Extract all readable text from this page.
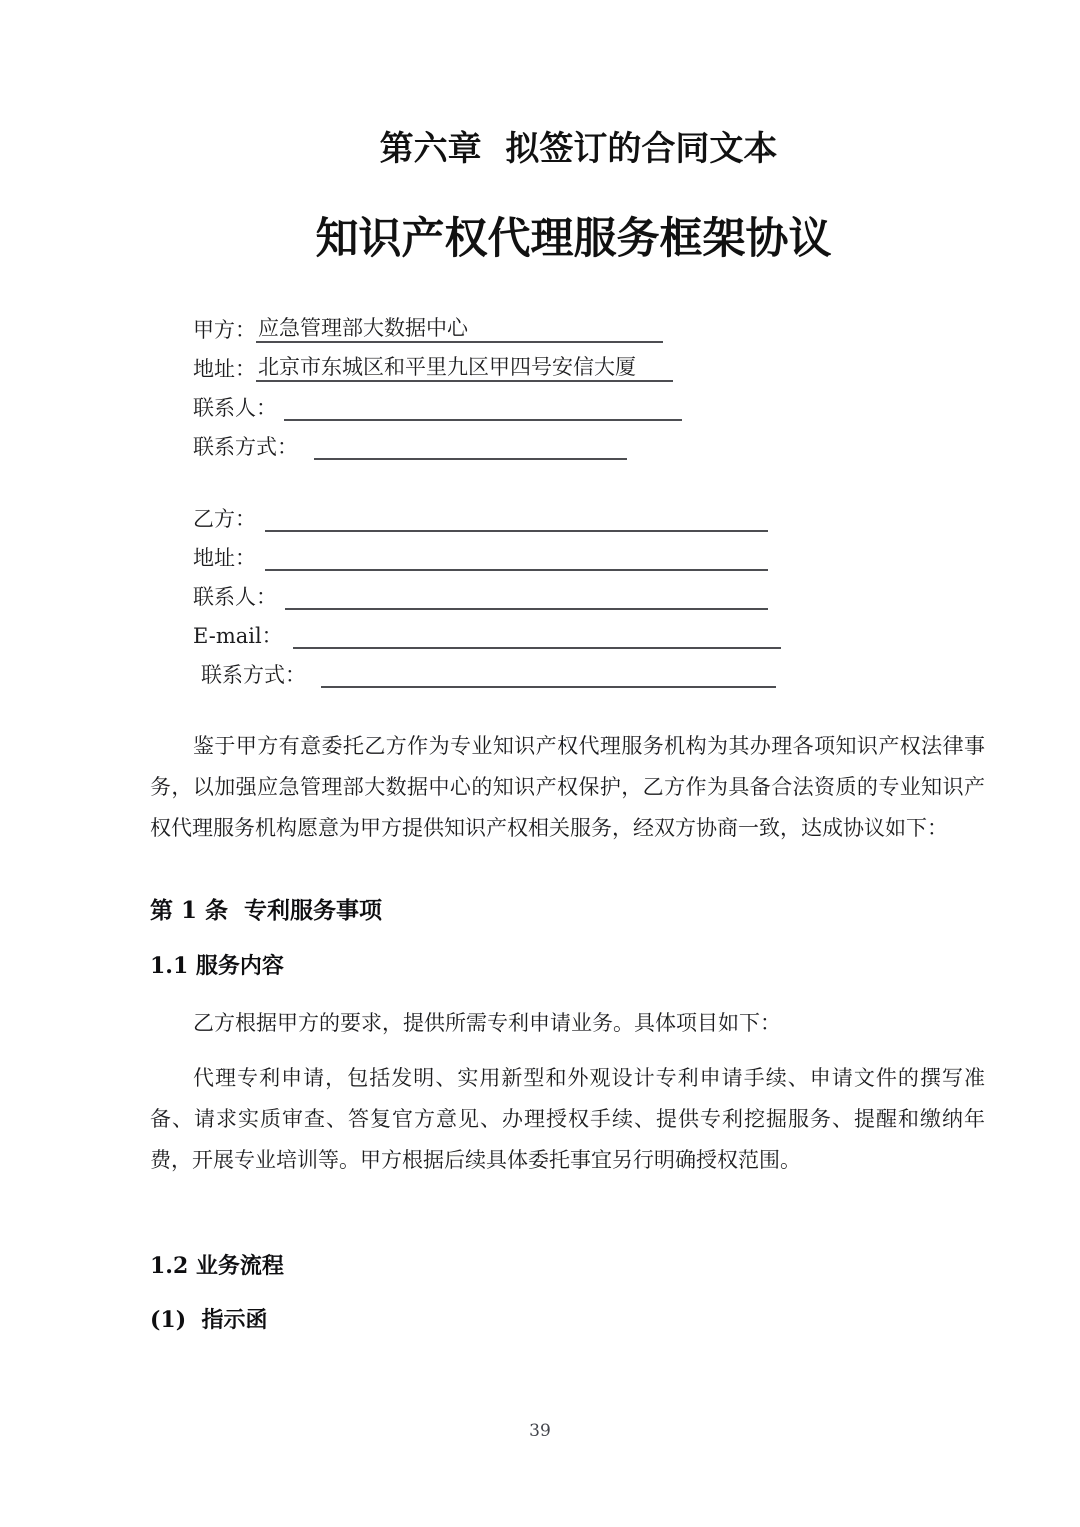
第六章  拟签订的合同文本
知识产权代理服务框架协议
甲方： 应急管理部大数据中心
地址： 北京市东城区和平里九区甲四号安信大厦
联系人：
联系方式：
乙方：
地址：
联系人：
E-mail：
联系方式：
鉴于甲方有意委托乙方作为专业知识产权代理服务机构为其办理各项知识产权法律事务，以加强应急管理部大数据中心的知识产权保护，乙方作为具备合法资质的专业知识产权代理服务机构愿意为甲方提供知识产权相关服务，经双方协商一致，达成协议如下：
第 1 条  专利服务事项
1.1 服务内容
乙方根据甲方的要求，提供所需专利申请业务。具体项目如下：
代理专利申请，包括发明、实用新型和外观设计专利申请手续、申请文件的撰写准备、请求实质审查、答复官方意见、办理授权手续、提供专利挖掘服务、提醒和缴纳年费，开展专业培训等。甲方根据后续具体委托事宜另行明确授权范围。
1.2 业务流程
(1)  指示函
39
